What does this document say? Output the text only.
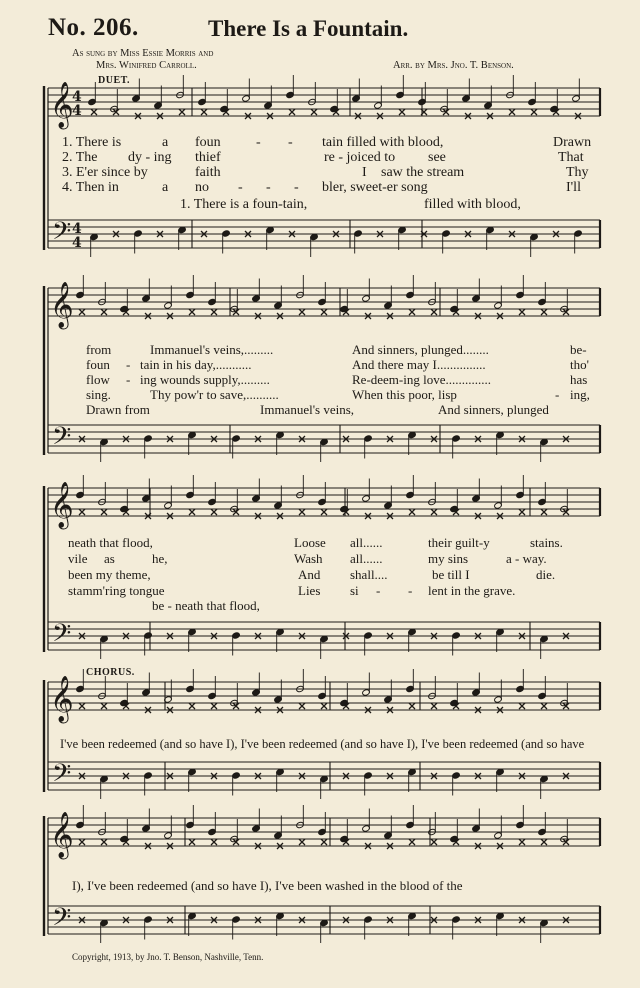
No. 206.	There Is a Fountain.
As sung by Miss Essie Morris and
Mrs. Winifred Carroll.	Arr. by Mrs. Jno. T. Benson.
𝄞
𝄢
4
4
4
4
𝄞
𝄢
𝄞
𝄢
𝄞
𝄢
𝄞
𝄢
DUET.
CHORUS.
1. There is	a foun	- - tain filled with blood,	Drawn
2. The dy - ing thief	re - joiced to see	That
3. E'er since by	faith	I saw the stream	Thy
4. Then in	a no - - - bler, sweet-er song	I'll
1. There is a foun-tain,	filled with blood,
from	Immanuel's veins,.........	And sinners, plunged........	be-
foun - tain in his day,...........	And there may I...............	tho'
flow - ing wounds supply,.........	Re-deem-ing love..............	has
sing.	Thy pow'r to save,..........	When this poor, lisp	- ing,
Drawn from	Immanuel's veins,	And sinners, plunged
neath that flood,	Loose all......	their guilt-y	stains.
vile as	he,	Wash all......	my sins	a - way.
been my theme,	And shall....	be till I	die.
stamm'ring tongue	Lies si - - lent in the grave.
be - neath that flood,
I've been redeemed (and so have I), I've been redeemed (and so have I), I've been redeemed (and so have
I), I've been redeemed (and so have I), I've been washed in the blood of the
Copyright, 1913, by Jno. T. Benson, Nashville, Tenn.
